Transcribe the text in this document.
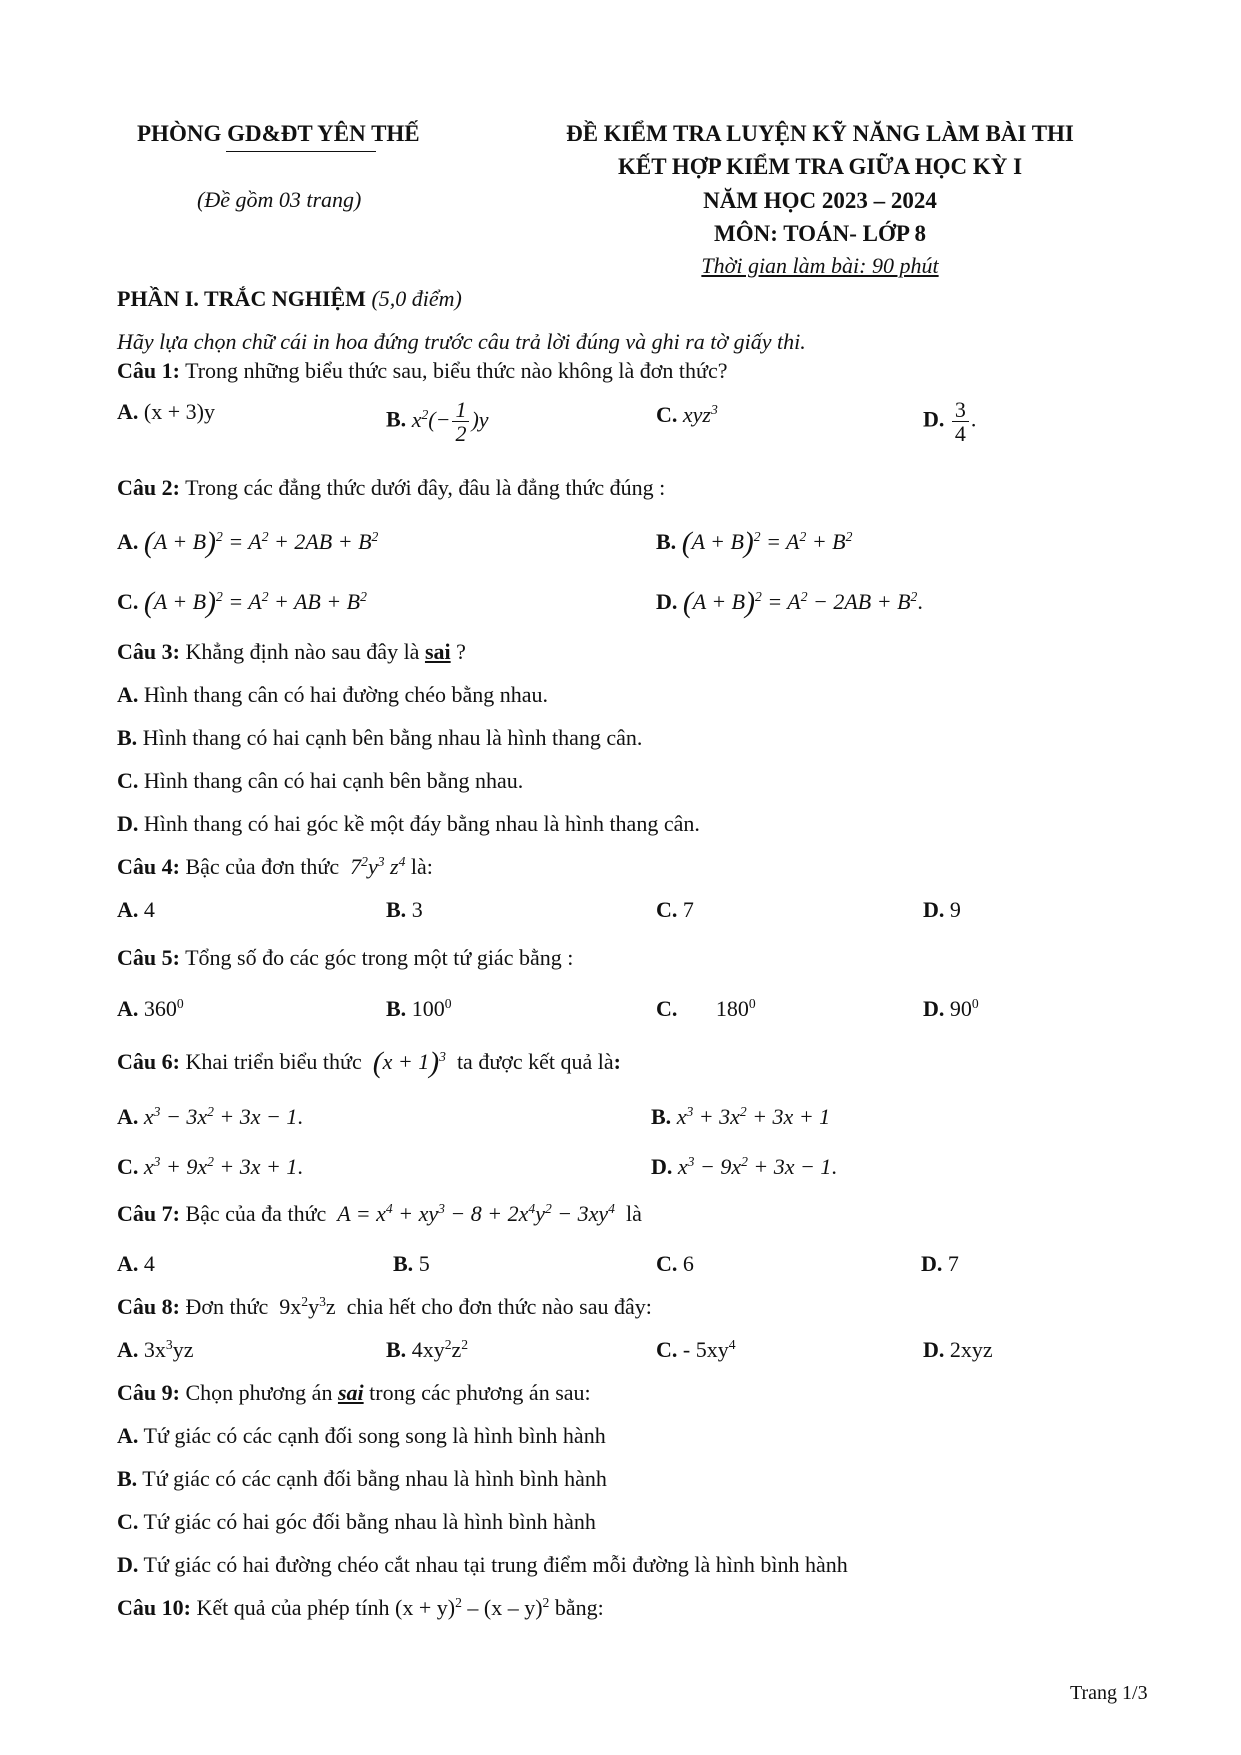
PHÒNG GD&ĐT YÊN THẾ
(Đề gồm 03 trang)
ĐỀ KIỂM TRA LUYỆN KỸ NĂNG LÀM BÀI THI
KẾT HỢP KIỂM TRA GIỮA HỌC KỲ I
NĂM HỌC 2023 – 2024
MÔN: TOÁN- LỚP 8
Thời gian làm bài: 90 phút
PHẦN I. TRẮC NGHIỆM (5,0 điểm)
Hãy lựa chọn chữ cái in hoa đứng trước câu trả lời đúng và ghi ra tờ giấy thi.
Câu 1: Trong những biểu thức sau, biểu thức nào không là đơn thức?
A. (x + 3)y	B. $x^2(- \frac{1}{2} )y$	C. xyz$^3$	D. $\frac{3}{4}$ .
Câu 2: Trong các đẳng thức dưới đây, đâu là đẳng thức đúng :
A. $(A + B)^2 = A^2 + 2AB + B^2$	B. $(A + B)^2 = A^2 + B^2$
C. $(A + B)^2 = A^2$ + AB + $B^2$	D. $(A + B)^2 = A^2 - 2AB + B^2$.
Câu 3: Khẳng định nào sau đây là sai ?
A. Hình thang cân có hai đường chéo bằng nhau.
B. Hình thang có hai cạnh bên bằng nhau là hình thang cân.
C. Hình thang cân có hai cạnh bên bằng nhau.
D. Hình thang có hai góc kề một đáy bằng nhau là hình thang cân.
Câu 4: Bậc của đơn thức  $7^2y^3$ $z^4$ là:
A. 4	B. 3	C. 7	D. 9
Câu 5: Tổng số đo các góc trong một tứ giác bằng :
A. $360^0$	B. $100^0$	C. $180^0$	D. $90^0$
Câu 6: Khai triển biểu thức $(x + 1)^3$ ta được kết quả là:
A. $x^3 - 3x^2 + 3x - 1$.	B. $x^3 + 3x^2 + 3x + 1$
C. $x^3 + 9x^2 + 3x + 1$.	D. $x^3 - 9x^2 + 3x - 1$.
Câu 7: Bậc của đa thức  $A = x^4 + xy^3 - 8 + 2x^4y^2 - 3xy^4$ là
A. 4	B. 5	C. 6	D. 7
Câu 8: Đơn thức  $9x^2y^3z$  chia hết cho đơn thức nào sau đây:
A. $3x^3yz$	B. $4xy^2z^2$	C. - $5xy^4$	D. 2xyz
Câu 9: Chọn phương án sai trong các phương án sau:
A. Tứ giác có các cạnh đối song song là hình bình hành
B. Tứ giác có các cạnh đối bằng nhau là hình bình hành
C. Tứ giác có hai góc đối bằng nhau là hình bình hành
D. Tứ giác có hai đường chéo cắt nhau tại trung điểm mỗi đường là hình bình hành
Câu 10: Kết quả của phép tính $(x + y)^2 - (x - y)^2$ bằng:
Trang 1/3
